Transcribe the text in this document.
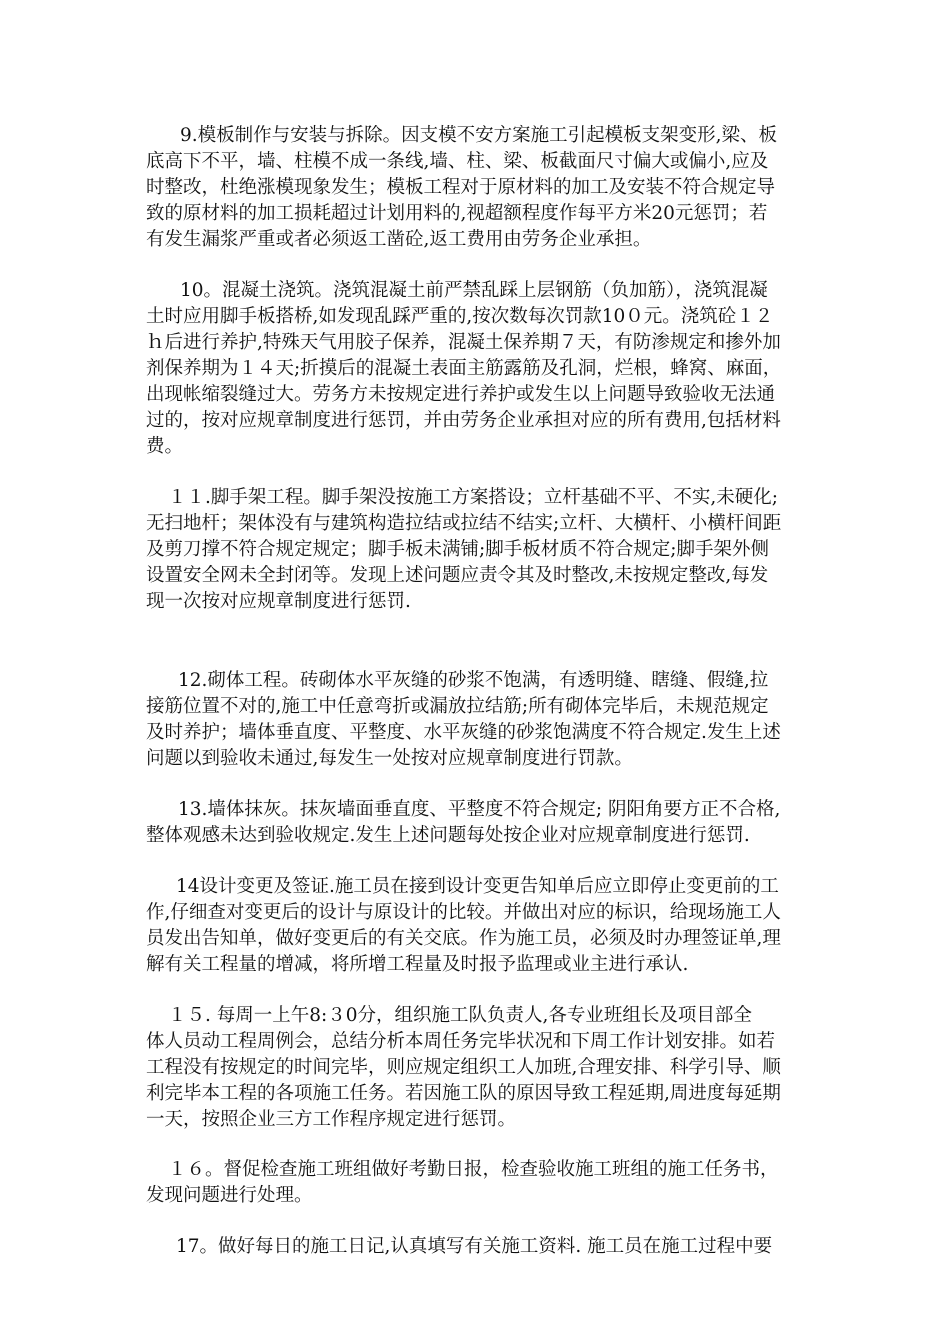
9.模板制作与安装与拆除。因支模不安方案施工引起模板支架变形,梁、板
底高下不平，墙、柱模不成一条线,墙、柱、梁、板截面尺寸偏大或偏小,应及
时整改，杜绝涨模现象发生；模板工程对于原材料的加工及安装不符合规定导
致的原材料的加工损耗超过计划用料的,视超额程度作每平方米20元惩罚；若
有发生漏浆严重或者必须返工凿砼,返工费用由劳务企业承担。
10。混凝土浇筑。浇筑混凝土前严禁乱踩上层钢筋（负加筋），浇筑混凝
土时应用脚手板搭桥,如发现乱踩严重的,按次数每次罚款10０元。浇筑砼１２
ｈ后进行养护,特殊天气用胶子保养，混凝土保养期７天，有防渗规定和掺外加
剂保养期为１４天;折摸后的混凝土表面主筋露筋及孔洞，烂根，蜂窝、麻面，
出现帐缩裂缝过大。劳务方未按规定进行养护或发生以上问题导致验收无法通
过的，按对应规章制度进行惩罚，并由劳务企业承担对应的所有费用,包括材料
费。
１１.脚手架工程。脚手架没按施工方案搭设；立杆基础不平、不实,未硬化;
无扫地杆；架体没有与建筑构造拉结或拉结不结实;立杆、大横杆、小横杆间距
及剪刀撑不符合规定规定；脚手板未满铺;脚手板材质不符合规定;脚手架外侧
设置安全网未全封闭等。发现上述问题应责令其及时整改,未按规定整改,每发
现一次按对应规章制度进行惩罚.
12.砌体工程。砖砌体水平灰缝的砂浆不饱满，有透明缝、瞎缝、假缝,拉
接筋位置不对的,施工中任意弯折或漏放拉结筋;所有砌体完毕后，未规范规定
及时养护；墙体垂直度、平整度、水平灰缝的砂浆饱满度不符合规定.发生上述
问题以到验收未通过,每发生一处按对应规章制度进行罚款。
13.墙体抹灰。抹灰墙面垂直度、平整度不符合规定; 阴阳角要方正不合格,
整体观感未达到验收规定.发生上述问题每处按企业对应规章制度进行惩罚.
14设计变更及签证.施工员在接到设计变更告知单后应立即停止变更前的工
作,仔细查对变更后的设计与原设计的比较。并做出对应的标识，给现场施工人
员发出告知单，做好变更后的有关交底。作为施工员，必须及时办理签证单,理
解有关工程量的增减，将所增工程量及时报予监理或业主进行承认.
１５. 每周一上午8:３0分，组织施工队负责人,各专业班组长及项目部全
体人员动工程周例会，总结分析本周任务完毕状况和下周工作计划安排。如若
工程没有按规定的时间完毕，则应规定组织工人加班,合理安排、科学引导、顺
利完毕本工程的各项施工任务。若因施工队的原因导致工程延期,周进度每延期
一天，按照企业三方工作程序规定进行惩罚。
１６。督促检查施工班组做好考勤日报，检查验收施工班组的施工任务书，
发现问题进行处理。
17。做好每日的施工日记,认真填写有关施工资料. 施工员在施工过程中要
